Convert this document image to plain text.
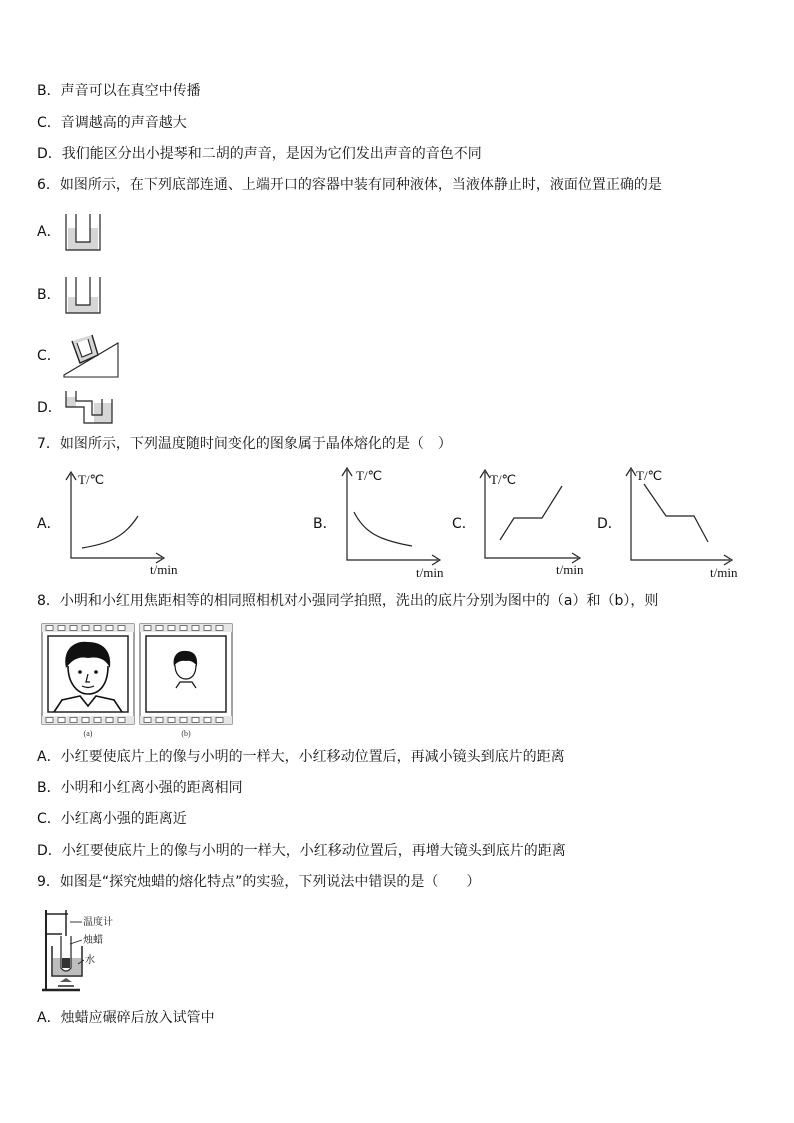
B．声音可以在真空中传播
C．音调越高的声音越大
D．我们能区分出小提琴和二胡的声音，是因为它们发出声音的音色不同
6．如图所示，在下列底部连通、上端开口的容器中装有同种液体，当液体静止时，液面位置正确的是
A．
B．
C．
D．
7．如图所示，下列温度随时间变化的图象属于晶体熔化的是（　）
A．
T/℃
t/min
B．
T/℃
t/min
C．
T/℃
t/min
D．
T/℃
t/min
8．小明和小红用焦距相等的相同照相机对小强同学拍照，洗出的底片分别为图中的（a）和（b），则
(a)	(b)
A．小红要使底片上的像与小明的一样大，小红移动位置后，再减小镜头到底片的距离
B．小明和小红离小强的距离相同
C．小红离小强的距离近
D．小红要使底片上的像与小明的一样大，小红移动位置后，再增大镜头到底片的距离
9．如图是“探究烛蜡的熔化特点”的实验，下列说法中错误的是（　　）
温度计
烛蜡
水
A．烛蜡应碾碎后放入试管中
